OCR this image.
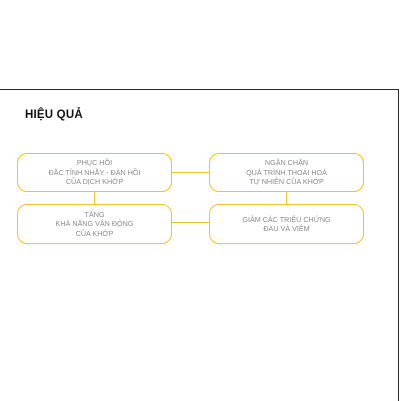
HIỆU QUẢ
PHỤC HỒI
ĐẶC TÍNH NHẦY - ĐÀN HỒI
CỦA DỊCH KHỚP
NGĂN CHẶN
QUÁ TRÌNH THOÁI HOÁ
TỰ NHIÊN CỦA KHỚP
TĂNG
KHẢ NĂNG VẬN ĐỘNG
CỦA KHỚP
GIẢM CÁC TRIỆU CHỨNG
ĐAU VÀ VIÊM
